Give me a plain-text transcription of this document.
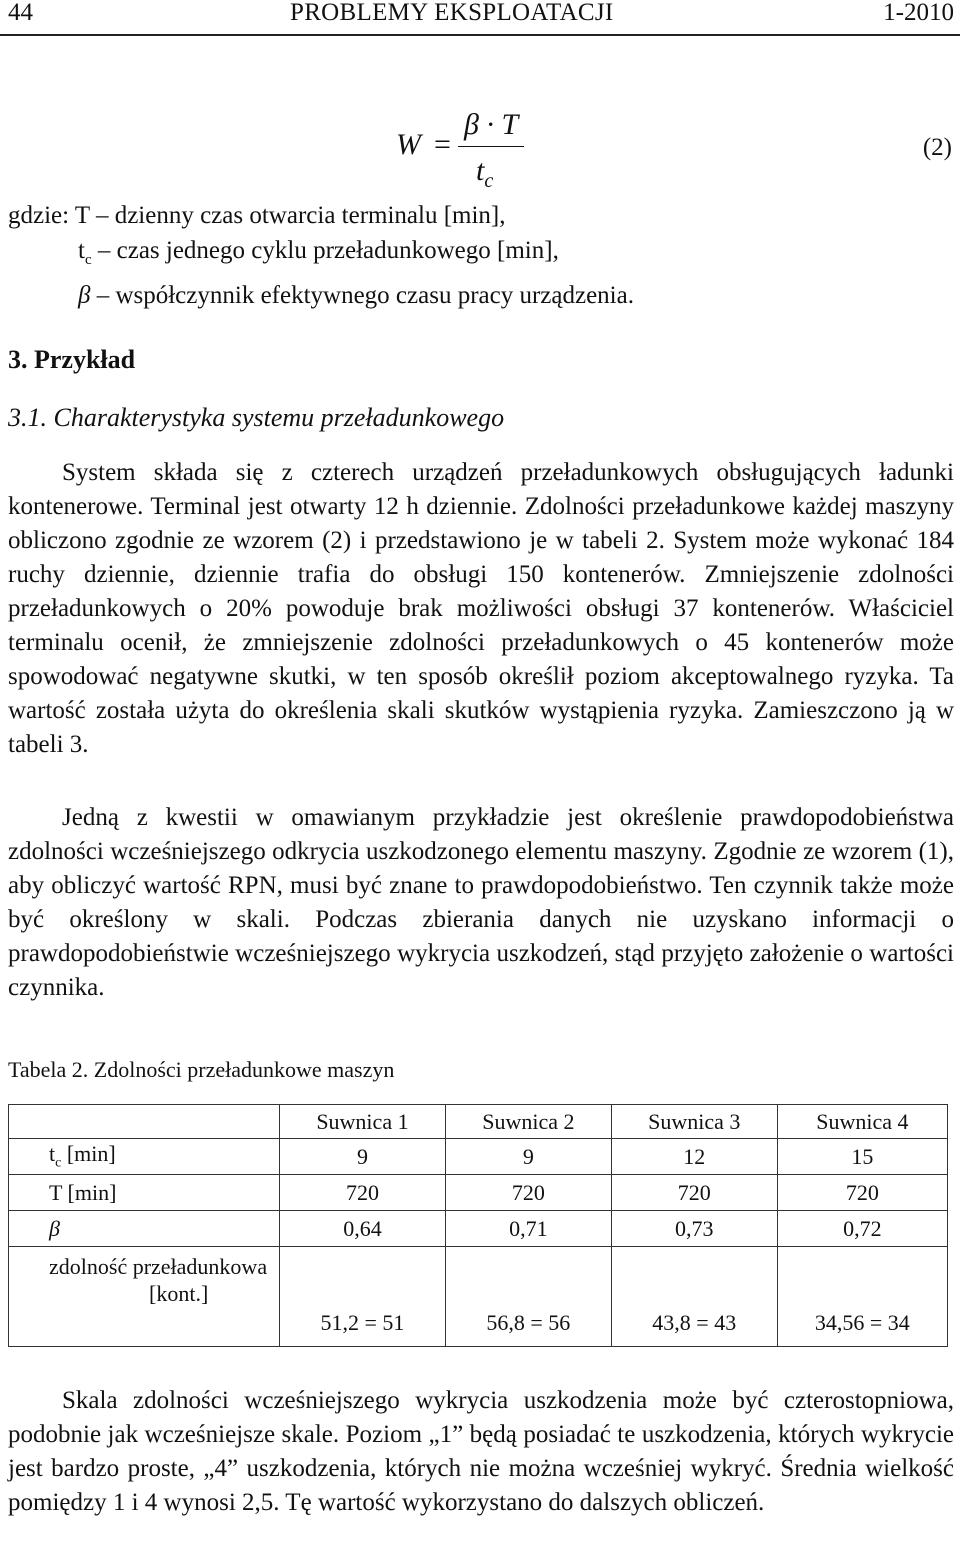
44	PROBLEMY EKSPLOATACJI	1-2010
W =
β · T
$t_c$
(2)
gdzie: T – dzienny czas otwarcia terminalu [min],
$t_c$ – czas jednego cyklu przeładunkowego [min],
β – współczynnik efektywnego czasu pracy urządzenia.
3. Przykład
3.1. Charakterystyka systemu przeładunkowego
System składa się z czterech urządzeń przeładunkowych obsługujących ładunki kontenerowe. Terminal jest otwarty 12 h dziennie. Zdolności przeładunkowe każdej maszyny obliczono zgodnie ze wzorem (2) i przedstawiono je w tabeli 2. System może wykonać 184 ruchy dziennie, dziennie trafia do obsługi 150 kontenerów. Zmniejszenie zdolności przeładunkowych o 20% powoduje brak możliwości obsługi 37 kontenerów. Właściciel terminalu ocenił, że zmniejszenie zdolności przeładunkowych o 45 kontenerów może spowodować negatywne skutki, w ten sposób określił poziom akceptowalnego ryzyka. Ta wartość została użyta do określenia skali skutków wystąpienia ryzyka. Zamieszczono ją w tabeli 3.
Jedną z kwestii w omawianym przykładzie jest określenie prawdopodobieństwa zdolności wcześniejszego odkrycia uszkodzonego elementu maszyny. Zgodnie ze wzorem (1), aby obliczyć wartość RPN, musi być znane to prawdopodobieństwo. Ten czynnik także może być określony w skali. Podczas zbierania danych nie uzyskano informacji o prawdopodobieństwie wcześniejszego wykrycia uszkodzeń, stąd przyjęto założenie o wartości czynnika.
Tabela 2. Zdolności przeładunkowe maszyn
	Suwnica 1	Suwnica 2	Suwnica 3	Suwnica 4
$t_c$ [min]	9	9	12	15
T [min]	720	720	720	720
β	0,64	0,71	0,73	0,72

zdolność przeładunkowa
[kont.]	51,2 = 51	56,8 = 56	43,8 = 43	34,56 = 34
Skala zdolności wcześniejszego wykrycia uszkodzenia może być czterostopniowa, podobnie jak wcześniejsze skale. Poziom „1” będą posiadać te uszkodzenia, których wykrycie jest bardzo proste, „4” uszkodzenia, których nie można wcześniej wykryć. Średnia wielkość pomiędzy 1 i 4 wynosi 2,5. Tę wartość wykorzystano do dalszych obliczeń.
